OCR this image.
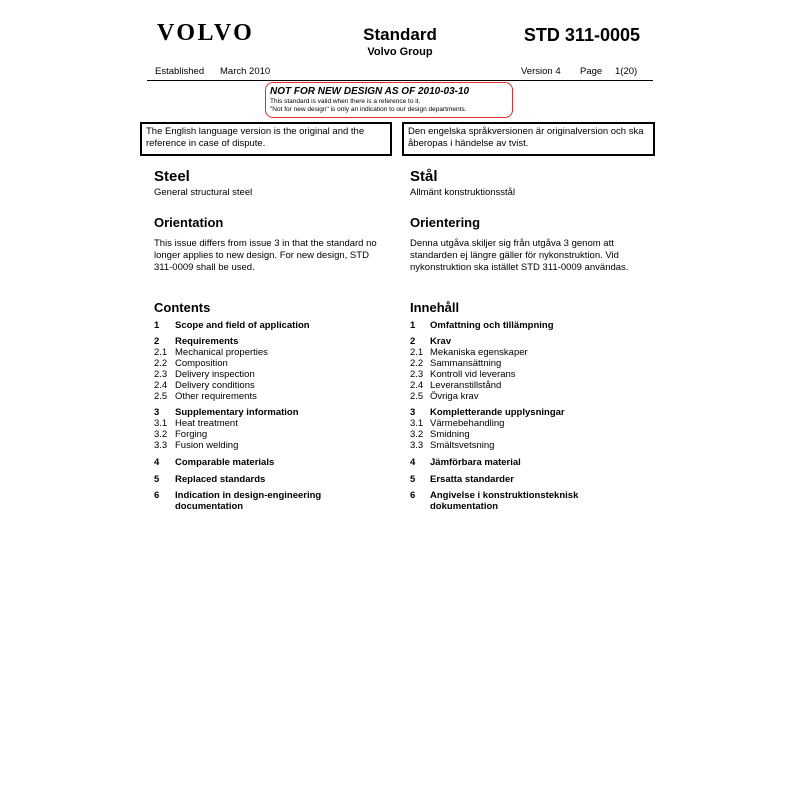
VOLVO	Standard
Volvo Group
STD 311-0005
Established March 2010	Version 4 Page 1(20)
NOT FOR NEW DESIGN AS OF 2010-03-10
This standard is valid when there is a reference to it.
"Not for new design" is only an indication to our design departments.
The English language version is the original and the reference in case of dispute.
Den engelska språkversionen är originalversion och ska åberopas i händelse av tvist.
Steel
General structural steel
Orientation
This issue differs from issue 3 in that the standard no longer applies to new design. For new design, STD 311-0009 shall be used.
Contents
Stål
Allmänt konstruktionsstål
Orientering
Denna utgåva skiljer sig från utgåva 3 genom att standarden ej längre gäller för nykonstruktion. Vid nykonstruktion ska istället STD 311-0009 användas.
Innehåll
1 Scope and field of application
2 Requirements
2.1 Mechanical properties
2.2 Composition
2.3 Delivery inspection
2.4 Delivery conditions
2.5 Other requirements
3 Supplementary information
3.1 Heat treatment
3.2 Forging
3.3 Fusion welding
4 Comparable materials
5 Replaced standards
6 Indication in design-engineering
documentation
1 Omfattning och tillämpning
2 Krav
2.1 Mekaniska egenskaper
2.2 Sammansättning
2.3 Kontroll vid leverans
2.4 Leveranstillstånd
2.5 Övriga krav
3 Kompletterande upplysningar
3.1 Värmebehandling
3.2 Smidning
3.3 Smältsvetsning
4 Jämförbara material
5 Ersatta standarder
6 Angivelse i konstruktionsteknisk
dokumentation
